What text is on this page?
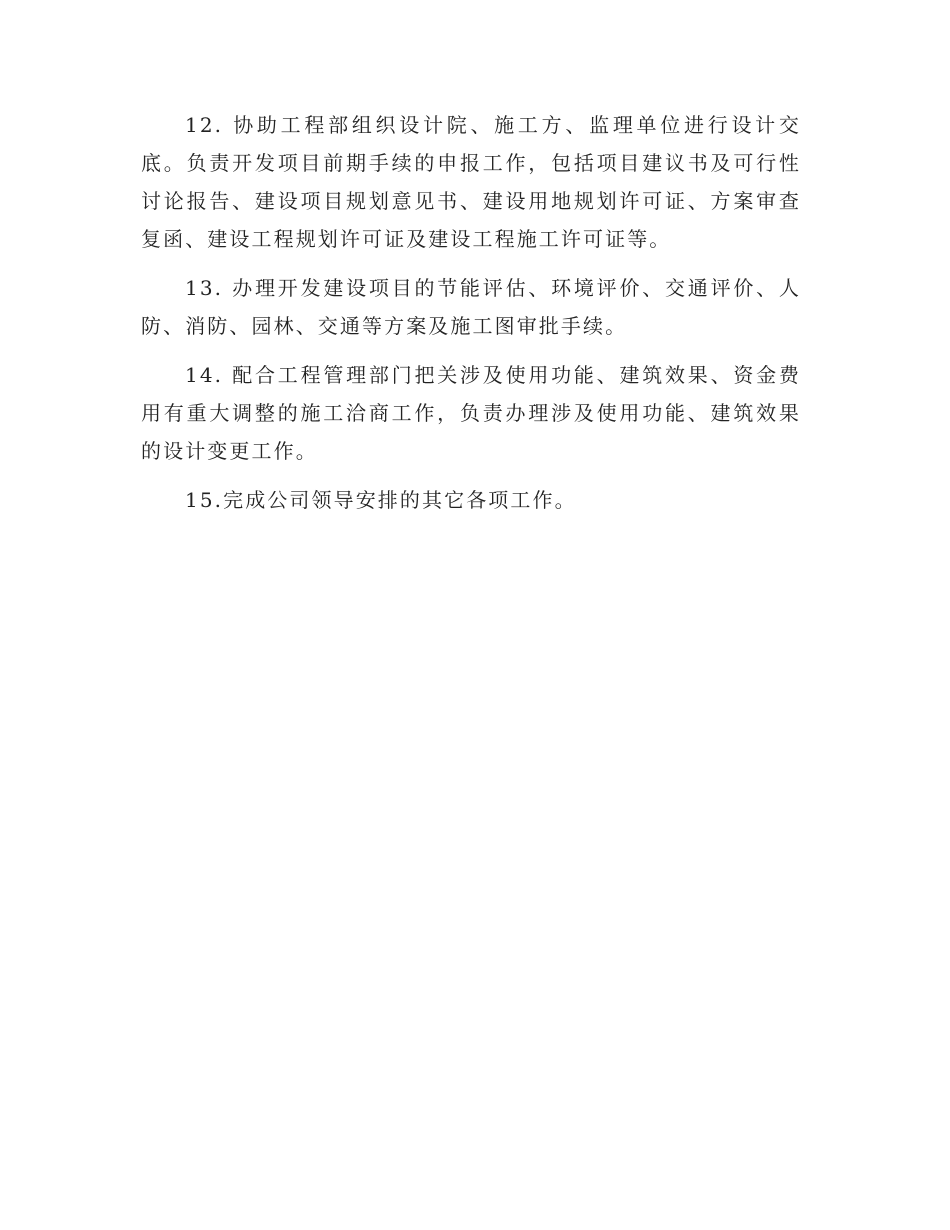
12. 协助工程部组织设计院、施工方、监理单位进行设计交底。负责开发项目前期手续的申报工作，包括项目建议书及可行性讨论报告、建设项目规划意见书、建设用地规划许可证、方案审查复函、建设工程规划许可证及建设工程施工许可证等。

13. 办理开发建设项目的节能评估、环境评价、交通评价、人防、消防、园林、交通等方案及施工图审批手续。

14. 配合工程管理部门把关涉及使用功能、建筑效果、资金费用有重大调整的施工洽商工作，负责办理涉及使用功能、建筑效果的设计变更工作。

15.完成公司领导安排的其它各项工作。
